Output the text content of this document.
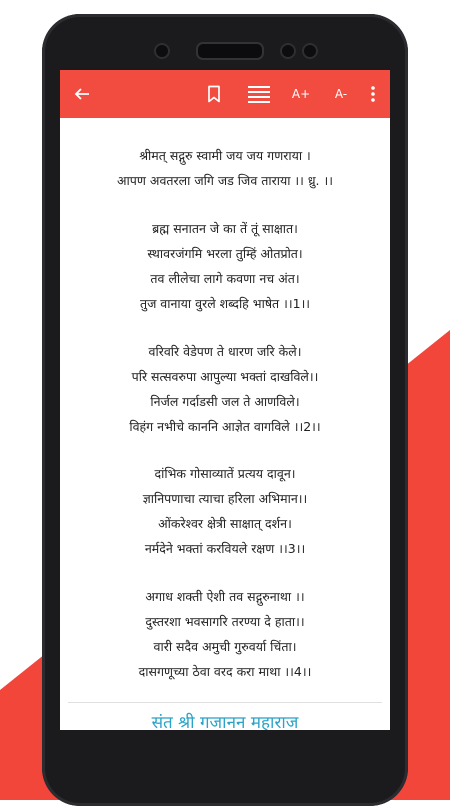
A+	A-
श्रीमत् सद्गुरु स्वामी जय जय गणराया ।
आपण अवतरला जगि जड जिव ताराया ।। ध्रु. ।।
ब्रह्म सनातन जे का तें तूं साक्षात।
स्थावरजंगमि भरला तुम्हिं ओतप्रोत।
तव लीलेचा लागे कवणा नच अंत।
तुज वानाया वुरले शब्दहि भाषेत ।।1।।
वरिवरि वेडेपण ते धारण जरि केले।
परि सत्सवरुपा आपुल्या भक्तां दाखविले।।
निर्जल गर्दाडसी जल ते आणविले।
विहंग नभीचे काननि आज्ञेत वागविले ।।2।।
दांभिक गोसाव्यातें प्रत्यय दावून।
ज्ञानिपणाचा त्याचा हरिला अभिमान।।
ओंकरेश्वर क्षेत्री साक्षात् दर्शन।
नर्मदेने भक्तां करवियले रक्षण ।।3।।
अगाध शक्ती ऐशी तव सद्गुरुनाथा ।।
दुस्तरशा भवसागरि तरण्या दे हाता।।
वारी सदैव अमुची गुरुवर्या चिंता।
दासगणूच्या ठेवा वरद करा माथा ।।4।।
संत श्री गजानन महाराज
